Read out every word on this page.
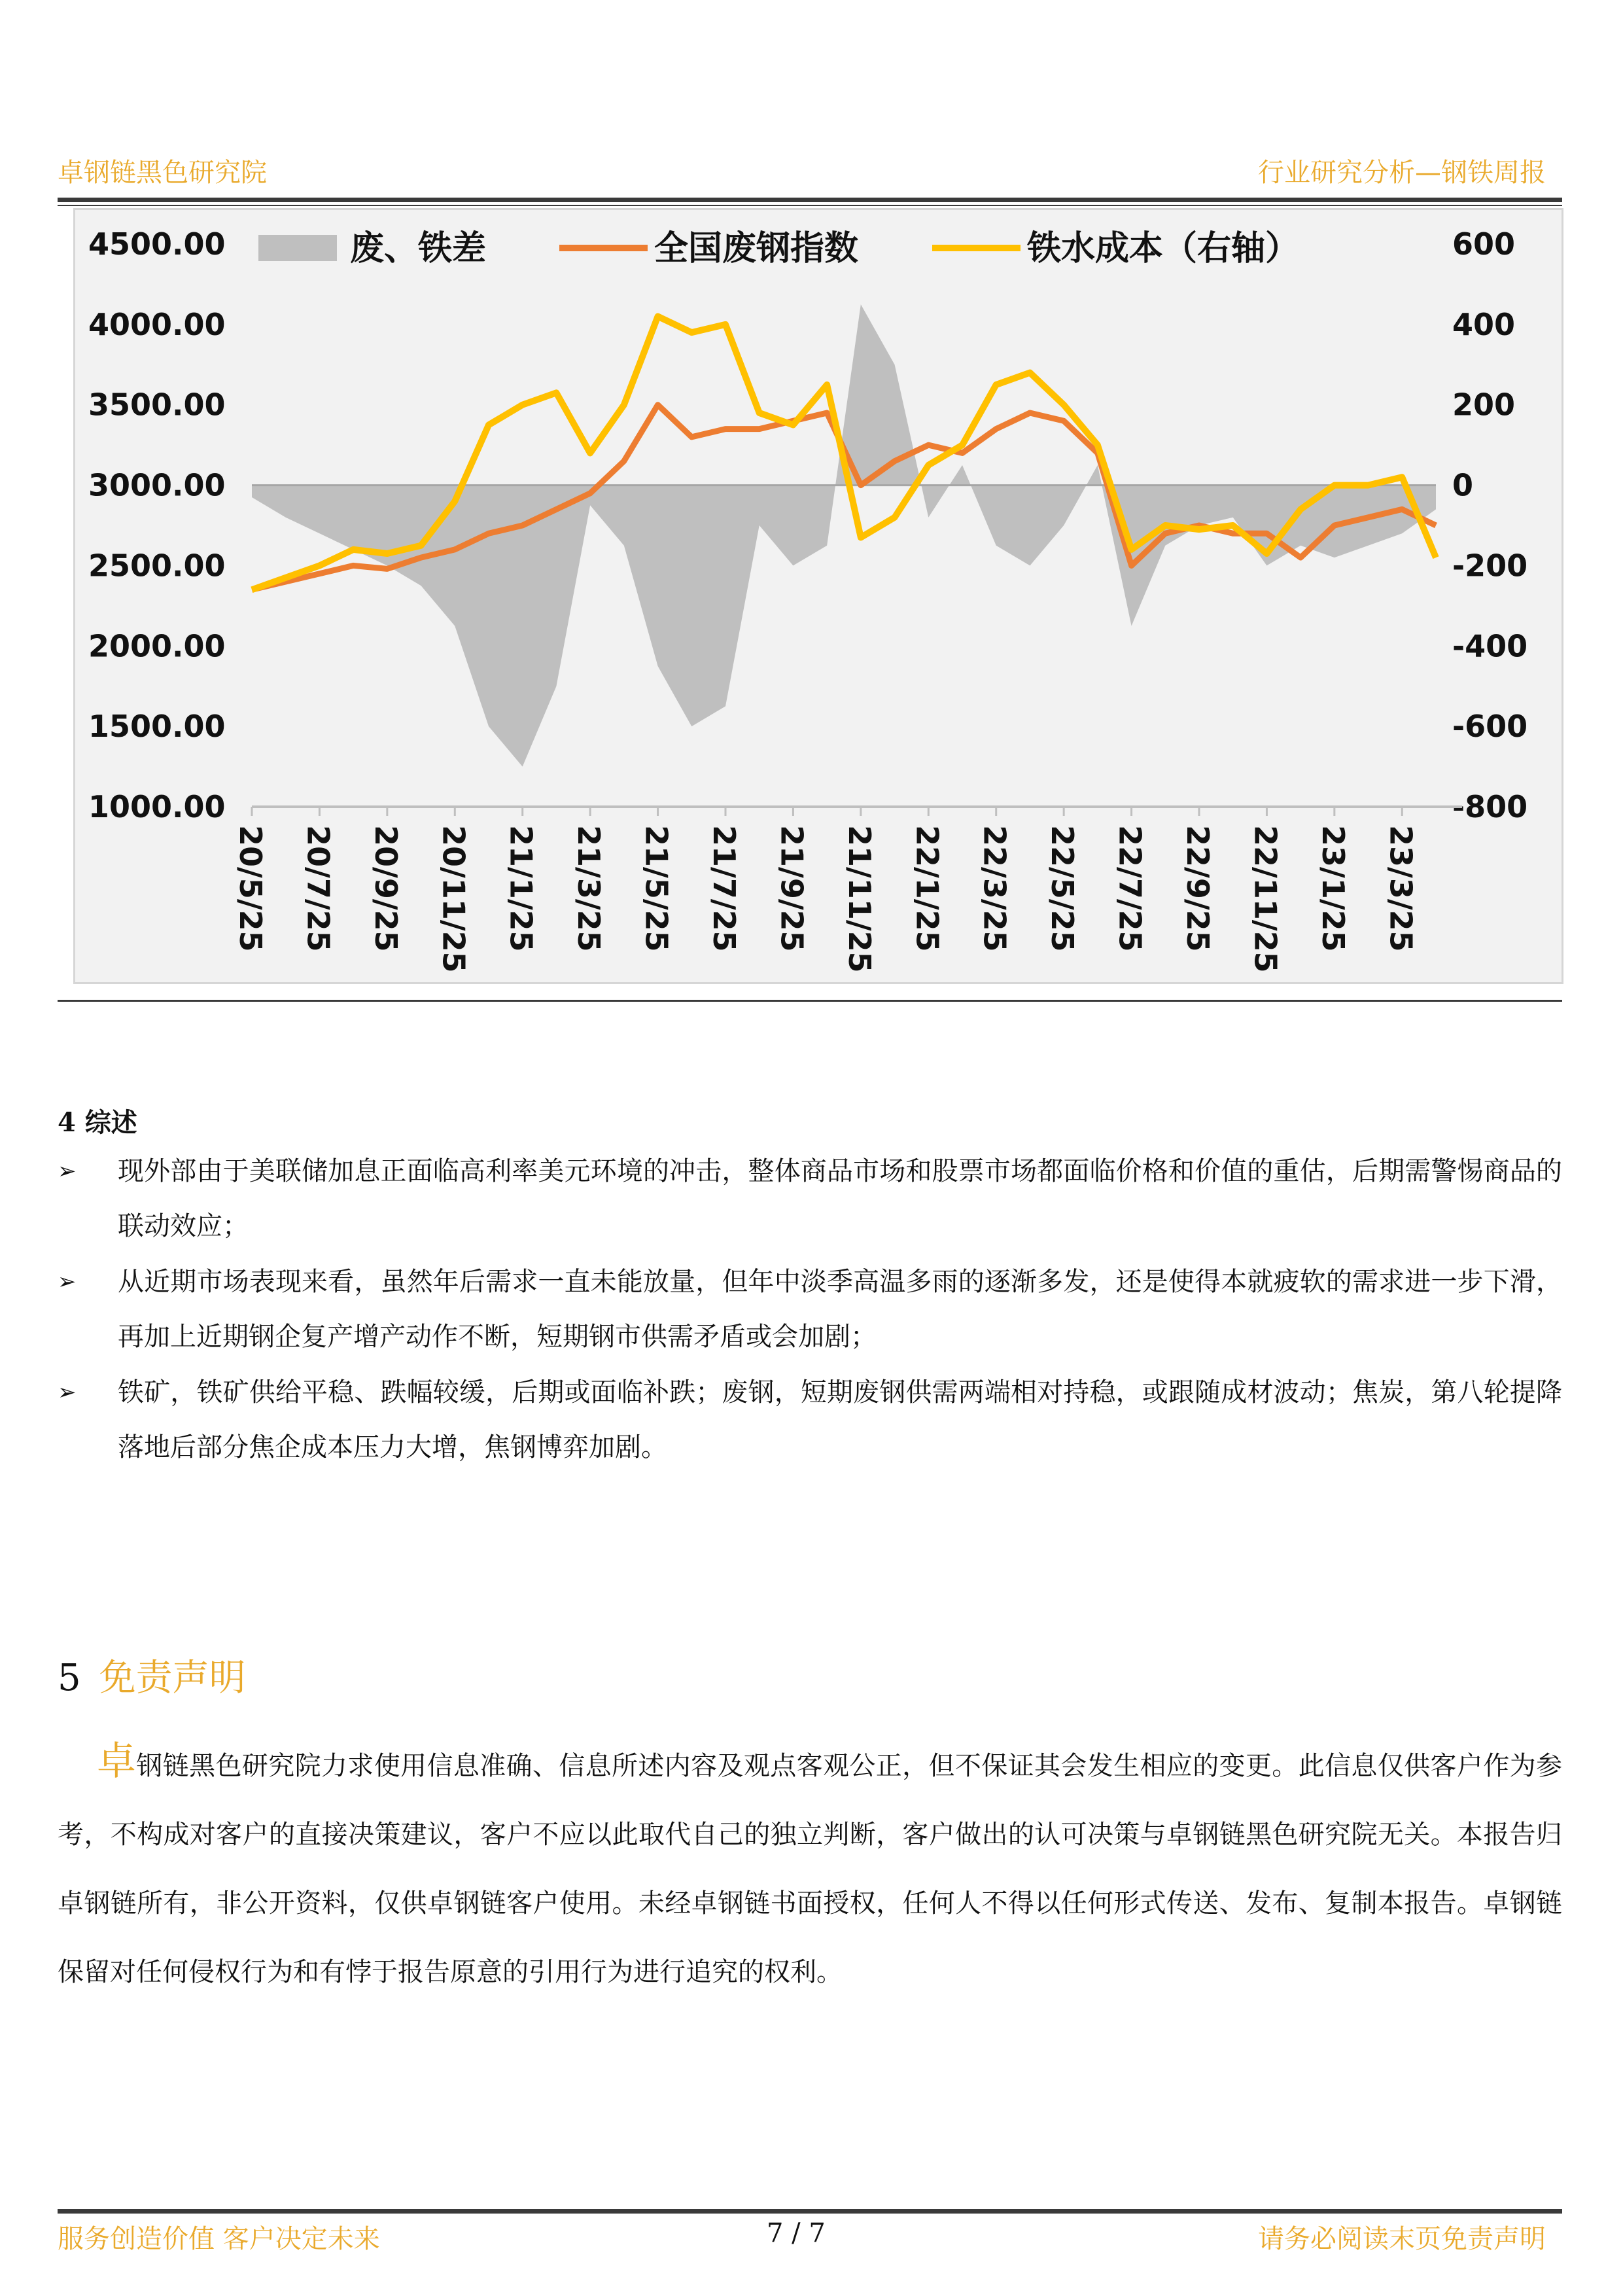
卓钢链黑色研究院	行业研究分析—钢铁周报
4500.00
4000.00
3500.00
3000.00
2500.00
2000.00
1500.00
1000.00
600
400
200
0
-200
-400
-600
-800
20/5/25 20/7/25 20/9/25 20/11/25 21/1/25 21/3/25 21/5/25 21/7/25 21/9/25 21/11/25 22/1/25 22/3/25 22/5/25 22/7/25 22/9/25 22/11/25 23/1/25 23/3/25
废、铁差	全国废钢指数	铁水成本（右轴）
4 综述
➢ 现外部由于美联储加息正面临高利率美元环境的冲击，整体商品市场和股票市场都面临价格和价值的重估，后期需警惕商品的联动效应；
➢ 从近期市场表现来看，虽然年后需求一直未能放量，但年中淡季高温多雨的逐渐多发，还是使得本就疲软的需求进一步下滑，再加上近期钢企复产增产动作不断，短期钢市供需矛盾或会加剧；
➢ 铁矿，铁矿供给平稳、跌幅较缓，后期或面临补跌；废钢，短期废钢供需两端相对持稳，或跟随成材波动；焦炭，第八轮提降落地后部分焦企成本压力大增，焦钢博弈加剧。
5 免责声明
卓钢链黑色研究院力求使用信息准确、信息所述内容及观点客观公正，但不保证其会发生相应的变更。此信息仅供客户作为参考，不构成对客户的直接决策建议，客户不应以此取代自己的独立判断，客户做出的认可决策与卓钢链黑色研究院无关。本报告归卓钢链所有，非公开资料，仅供卓钢链客户使用。未经卓钢链书面授权，任何人不得以任何形式传送、发布、复制本报告。卓钢链保留对任何侵权行为和有悖于报告原意的引用行为进行追究的权利。
服务创造价值 客户决定未来	7 / 7	请务必阅读末页免责声明
